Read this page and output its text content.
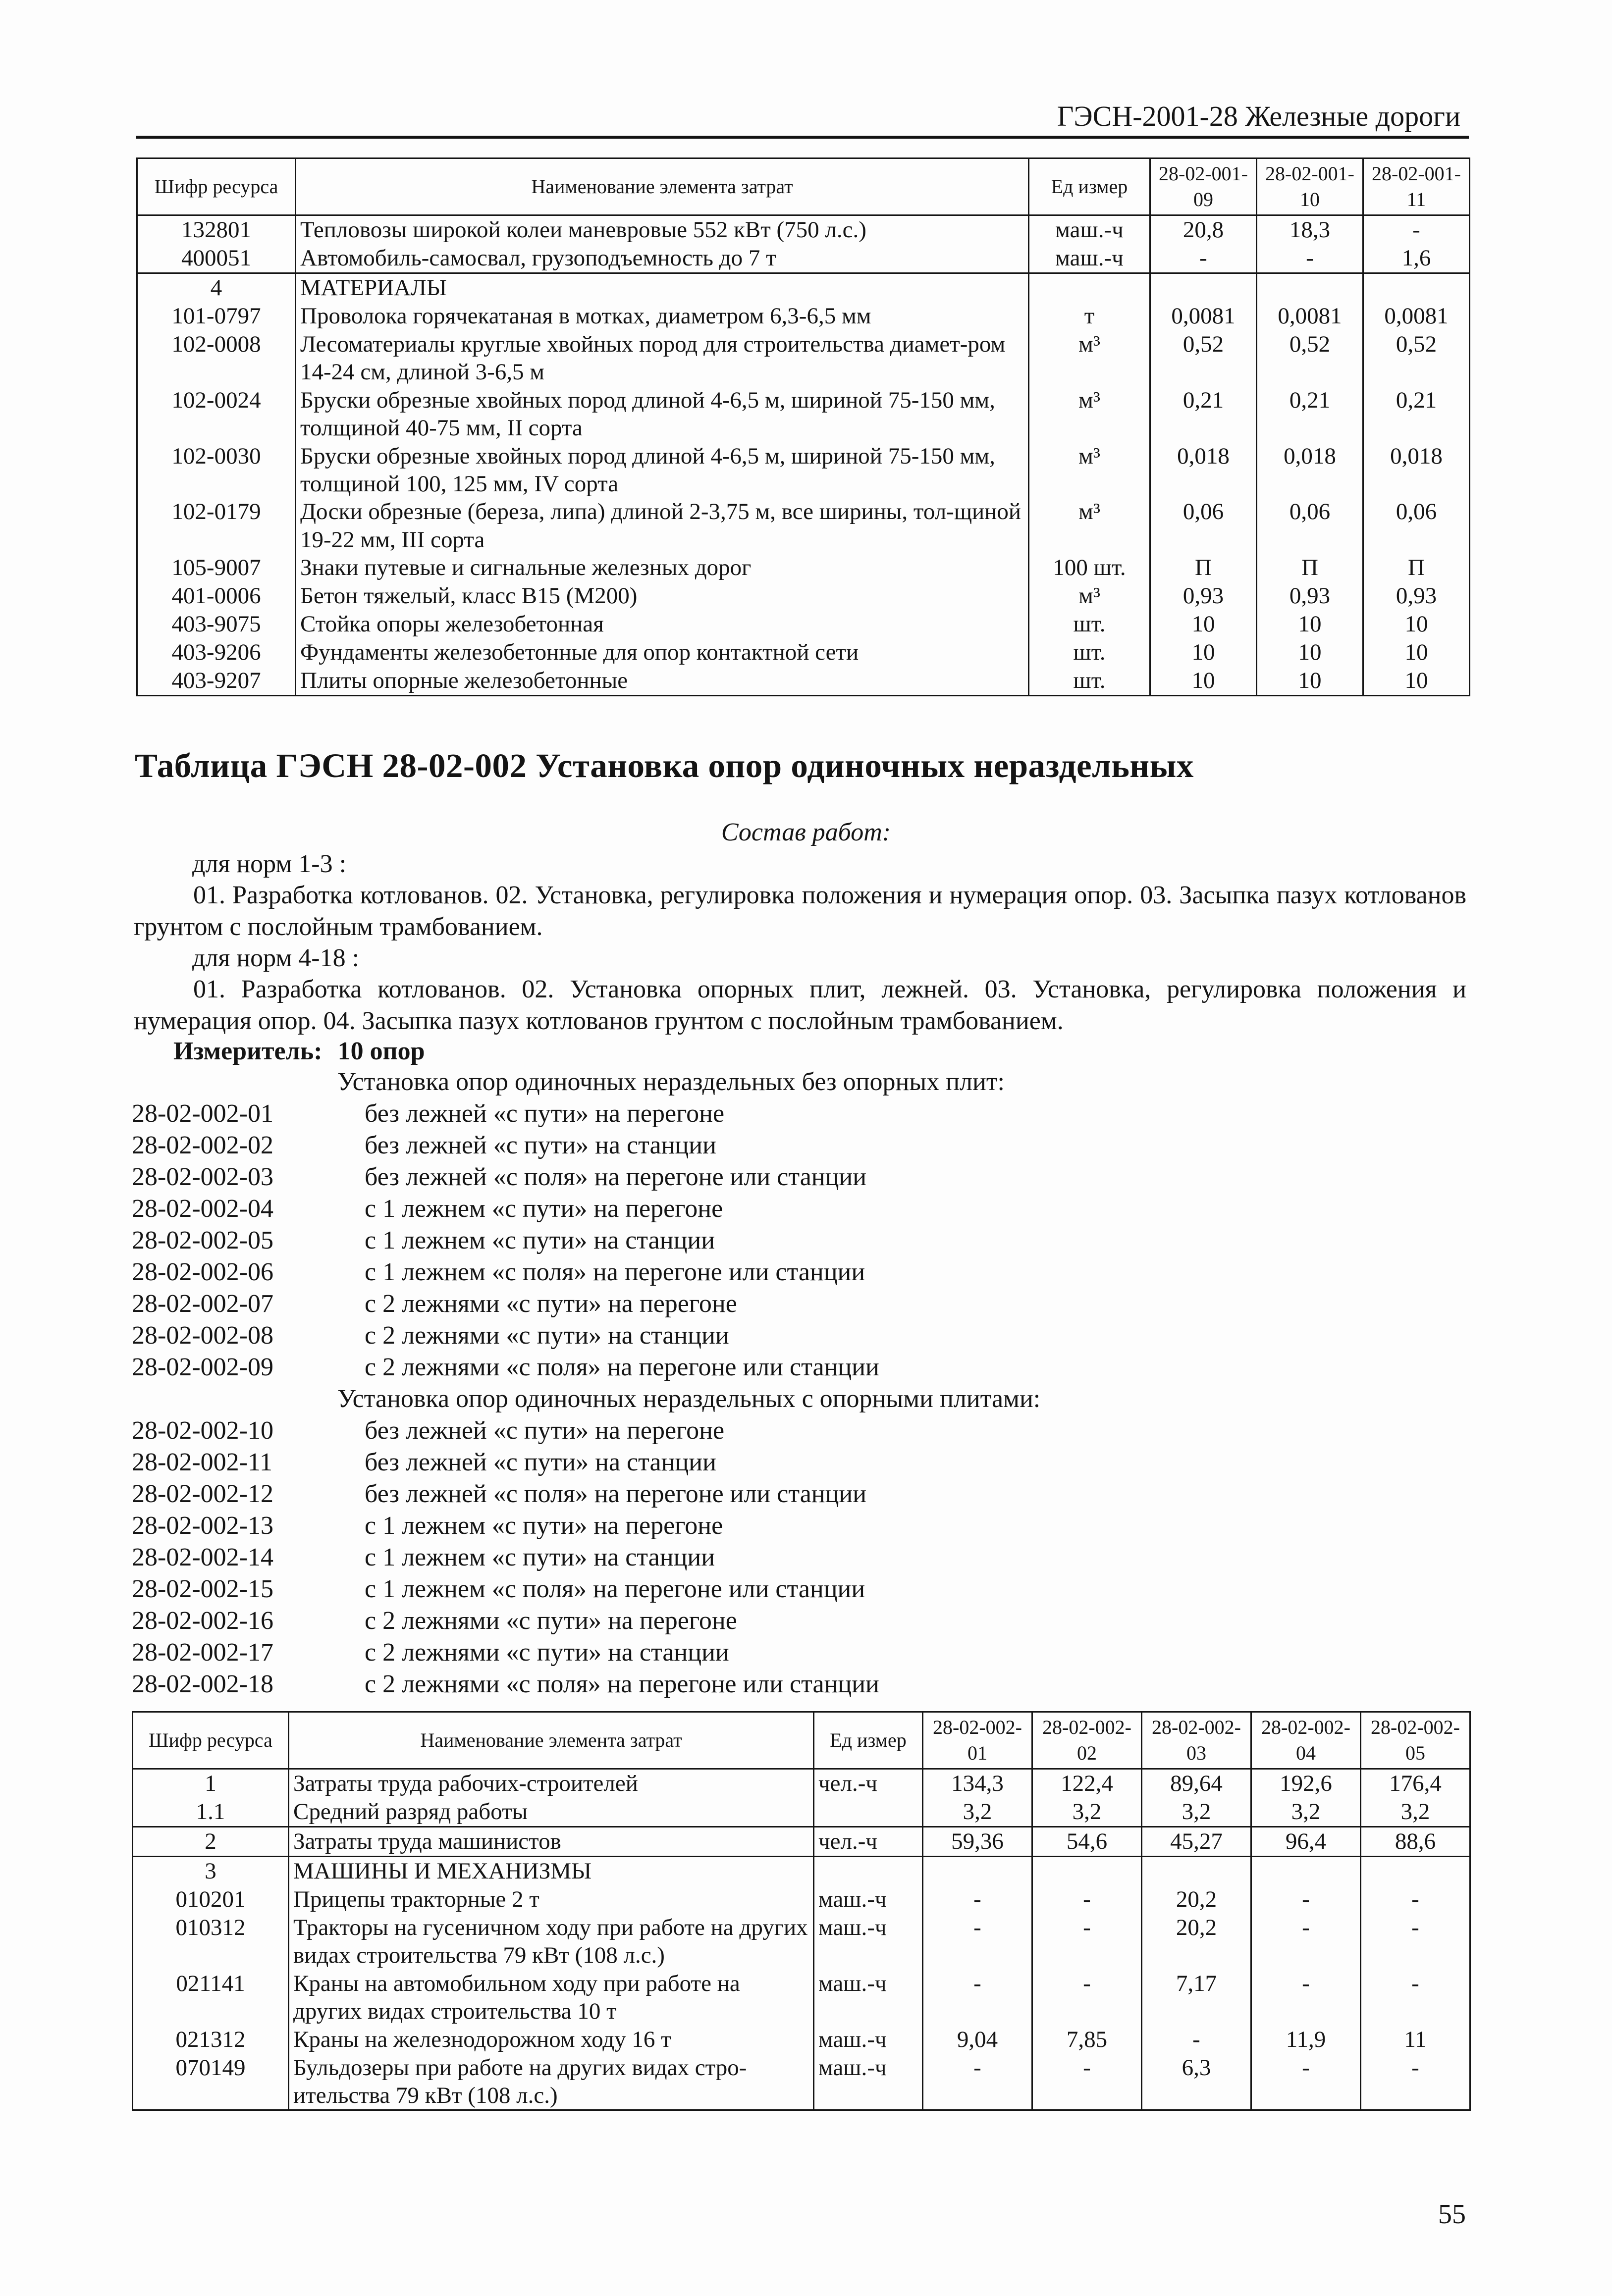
ГЭСН-2001-28 Железные дороги
Шифр ресурса	Наименование элемента затрат	Ед измер	28-02-001-09	28-02-001-10	28-02-001-11
132801	Тепловозы широкой колеи маневровые 552 кВт (750 л.с.)	маш.-ч	20,8	18,3	-
400051	Автомобиль-самосвал, грузоподъемность до 7 т	маш.-ч	-	-	1,6
4	МАТЕРИАЛЫ				
101-0797	Проволока горячекатаная в мотках, диаметром 6,3-6,5 мм	т	0,0081	0,0081	0,0081
102-0008	Лесоматериалы круглые хвойных пород для строительства диамет-ром 14-24 см, длиной 3-6,5 м	м³	0,52	0,52	0,52
102-0024	Бруски обрезные хвойных пород длиной 4-6,5 м, шириной 75-150 мм, толщиной 40-75 мм, II сорта	м³	0,21	0,21	0,21
102-0030	Бруски обрезные хвойных пород длиной 4-6,5 м, шириной 75-150 мм, толщиной 100, 125 мм, IV сорта	м³	0,018	0,018	0,018
102-0179	Доски обрезные (береза, липа) длиной 2-3,75 м, все ширины, тол-щиной 19-22 мм, III сорта	м³	0,06	0,06	0,06
105-9007	Знаки путевые и сигнальные железных дорог	100 шт.	П	П	П
401-0006	Бетон тяжелый, класс В15 (М200)	м³	0,93	0,93	0,93
403-9075	Стойка опоры железобетонная	шт.	10	10	10
403-9206	Фундаменты железобетонные для опор контактной сети	шт.	10	10	10
403-9207	Плиты опорные железобетонные	шт.	10	10	10
Таблица ГЭСН 28-02-002 Установка опор одиночных нераздельных
Состав работ:
для норм 1-3 :
01. Разработка котлованов. 02. Установка, регулировка положения и нумерация опор. 03. Засыпка пазух котлованов грунтом с послойным трамбованием.
для норм 4-18 :
01. Разработка котлованов. 02. Установка опорных плит, лежней. 03. Установка, регулировка положения и нумерация опор. 04. Засыпка пазух котлованов грунтом с послойным трамбованием.
Измеритель: 10 опор
Установка опор одиночных нераздельных без опорных плит:
28-02-002-01	без лежней «с пути» на перегоне
28-02-002-02	без лежней «с пути» на станции
28-02-002-03	без лежней «с поля» на перегоне или станции
28-02-002-04	с 1 лежнем «с пути» на перегоне
28-02-002-05	с 1 лежнем «с пути» на станции
28-02-002-06	с 1 лежнем «с поля» на перегоне или станции
28-02-002-07	с 2 лежнями «с пути» на перегоне
28-02-002-08	с 2 лежнями «с пути» на станции
28-02-002-09	с 2 лежнями «с поля» на перегоне или станции
Установка опор одиночных нераздельных с опорными плитами:
28-02-002-10	без лежней «с пути» на перегоне
28-02-002-11	без лежней «с пути» на станции
28-02-002-12	без лежней «с поля» на перегоне или станции
28-02-002-13	с 1 лежнем «с пути» на перегоне
28-02-002-14	с 1 лежнем «с пути» на станции
28-02-002-15	с 1 лежнем «с поля» на перегоне или станции
28-02-002-16	с 2 лежнями «с пути» на перегоне
28-02-002-17	с 2 лежнями «с пути» на станции
28-02-002-18	с 2 лежнями «с поля» на перегоне или станции
Шифр ресурса	Наименование элемента затрат	Ед измер	28-02-002-01	28-02-002-02	28-02-002-03	28-02-002-04	28-02-002-05
1	Затраты труда рабочих-строителей	чел.-ч	134,3	122,4	89,64	192,6	176,4
1.1	Средний разряд работы		3,2	3,2	3,2	3,2	3,2
2	Затраты труда машинистов	чел.-ч	59,36	54,6	45,27	96,4	88,6
3	МАШИНЫ И МЕХАНИЗМЫ						
010201	Прицепы тракторные 2 т	маш.-ч	-	-	20,2	-	-
010312	Тракторы на гусеничном ходу при работе на других видах строительства 79 кВт (108 л.с.)	маш.-ч	-	-	20,2	-	-
021141	Краны на автомобильном ходу при работе на других видах строительства 10 т	маш.-ч	-	-	7,17	-	-
021312	Краны на железнодорожном ходу 16 т	маш.-ч	9,04	7,85	-	11,9	11
070149	Бульдозеры при работе на других видах стро-ительства 79 кВт (108 л.с.)	маш.-ч	-	-	6,3	-	-
55
